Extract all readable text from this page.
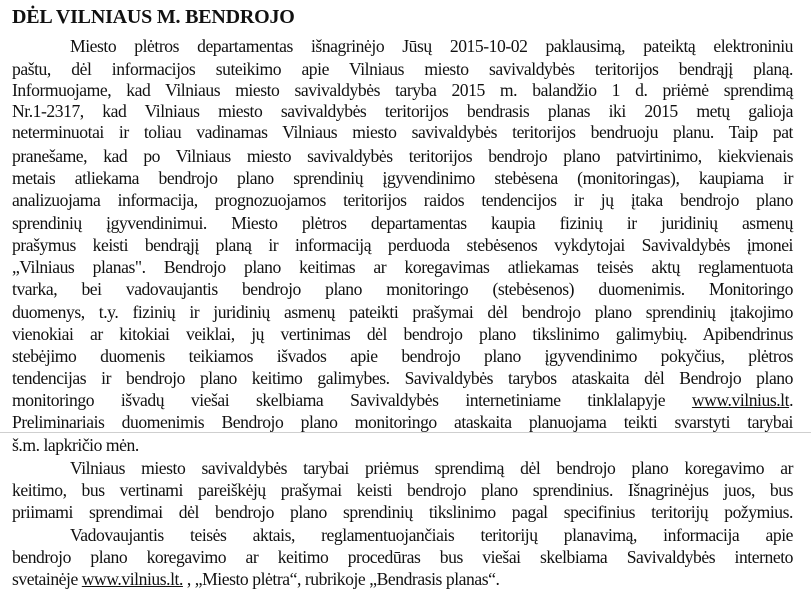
DĖL VILNIAUS M. BENDROJO
Miesto plėtros departamentas išnagrinėjo Jūsų 2015-10-02 paklausimą, pateiktą elektroniniu
paštu, dėl informacijos suteikimo apie Vilniaus miesto savivaldybės teritorijos bendrąjį planą.
Informuojame, kad Vilniaus miesto savivaldybės taryba 2015 m. balandžio 1 d. priėmė sprendimą
Nr.1-2317, kad Vilniaus miesto savivaldybės teritorijos bendrasis planas iki 2015 metų galioja
neterminuotai ir toliau vadinamas Vilniaus miesto savivaldybės teritorijos bendruoju planu. Taip pat
pranešame, kad po Vilniaus miesto savivaldybės teritorijos bendrojo plano patvirtinimo, kiekvienais
metais atliekama bendrojo plano sprendinių įgyvendinimo stebėsena (monitoringas), kaupiama ir
analizuojama informacija, prognozuojamos teritorijos raidos tendencijos ir jų įtaka bendrojo plano
sprendinių įgyvendinimui. Miesto plėtros departamentas kaupia fizinių ir juridinių asmenų
prašymus keisti bendrąjį planą ir informaciją perduoda stebėsenos vykdytojai Savivaldybės įmonei
„Vilniaus planas". Bendrojo plano keitimas ar koregavimas atliekamas teisės aktų reglamentuota
tvarka, bei vadovaujantis bendrojo plano monitoringo (stebėsenos) duomenimis. Monitoringo
duomenys, t.y. fizinių ir juridinių asmenų pateikti prašymai dėl bendrojo plano sprendinių įtakojimo
vienokiai ar kitokiai veiklai, jų vertinimas dėl bendrojo plano tikslinimo galimybių. Apibendrinus
stebėjimo duomenis teikiamos išvados apie bendrojo plano įgyvendinimo pokyčius, plėtros
tendencijas ir bendrojo plano keitimo galimybes. Savivaldybės tarybos ataskaita dėl Bendrojo plano
monitoringo išvadų viešai skelbiama Savivaldybės internetiniame tinklalapyje www.vilnius.lt.
Preliminariais duomenimis Bendrojo plano monitoringo ataskaita planuojama teikti svarstyti tarybai
š.m. lapkričio mėn.
Vilniaus miesto savivaldybės tarybai priėmus sprendimą dėl bendrojo plano koregavimo ar
keitimo, bus vertinami pareiškėjų prašymai keisti bendrojo plano sprendinius. Išnagrinėjus juos, bus
priimami sprendimai dėl bendrojo plano sprendinių tikslinimo pagal specifinius teritorijų požymius.
Vadovaujantis teisės aktais, reglamentuojančiais teritorijų planavimą, informacija apie
bendrojo plano koregavimo ar keitimo procedūras bus viešai skelbiama Savivaldybės interneto
svetainėje www.vilnius.lt. , „Miesto plėtra“, rubrikoje „Bendrasis planas“.
